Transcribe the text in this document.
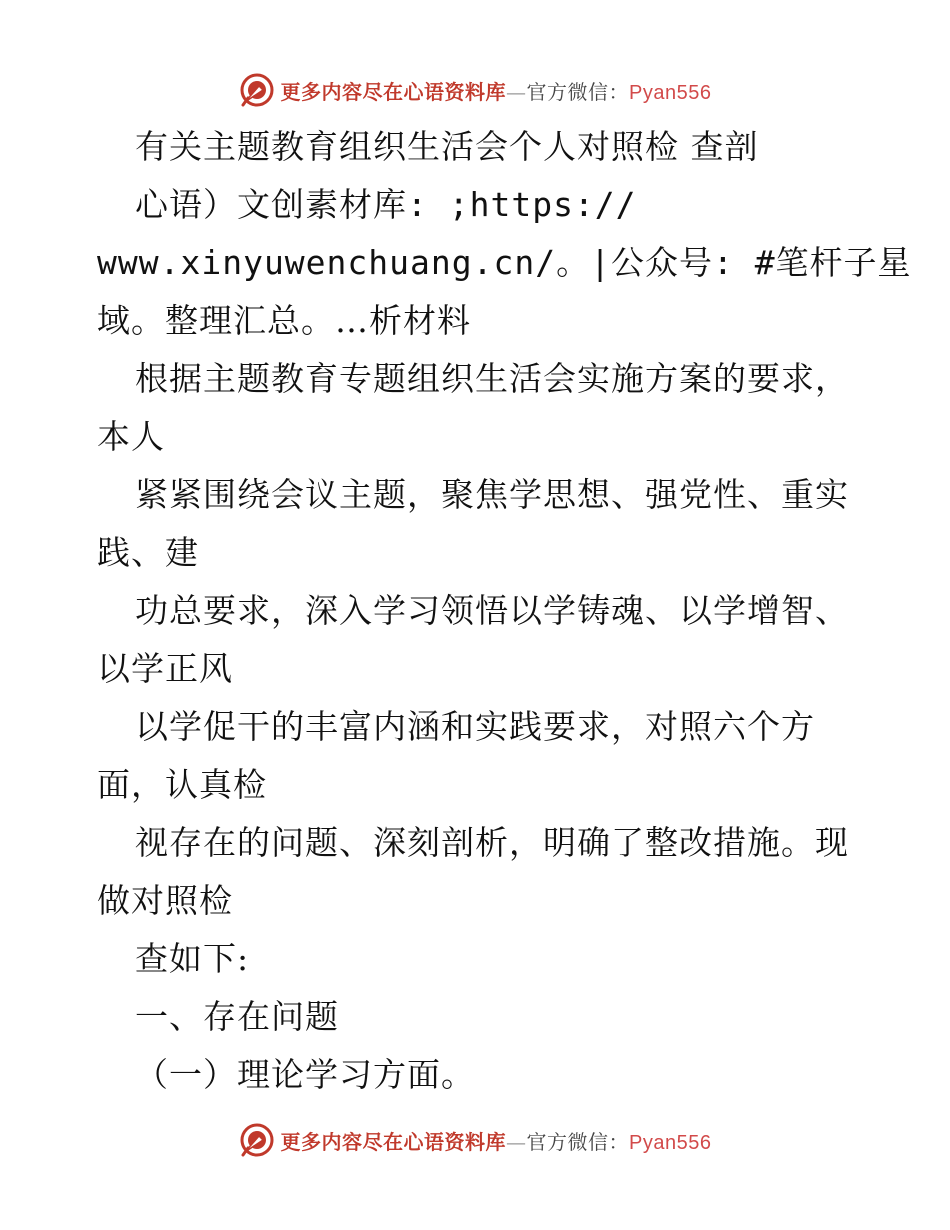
更多内容尽在心语资料库—官方微信：Pyan556
有关主题教育组织生活会个人对照检 查剖
心语）文创素材库: ;https://
www.xinyuwenchuang.cn/。|公众号: #笔杆子星
域。整理汇总。…析材料
根据主题教育专题组织生活会实施方案的要求，
本人
紧紧围绕会议主题，聚焦学思想、强党性、重实
践、建
功总要求，深入学习领悟以学铸魂、以学增智、
以学正风
以学促干的丰富内涵和实践要求，对照六个方
面，认真检
视存在的问题、深刻剖析，明确了整改措施。现
做对照检
查如下:
一、存在问题
（一）理论学习方面。
更多内容尽在心语资料库—官方微信：Pyan556
